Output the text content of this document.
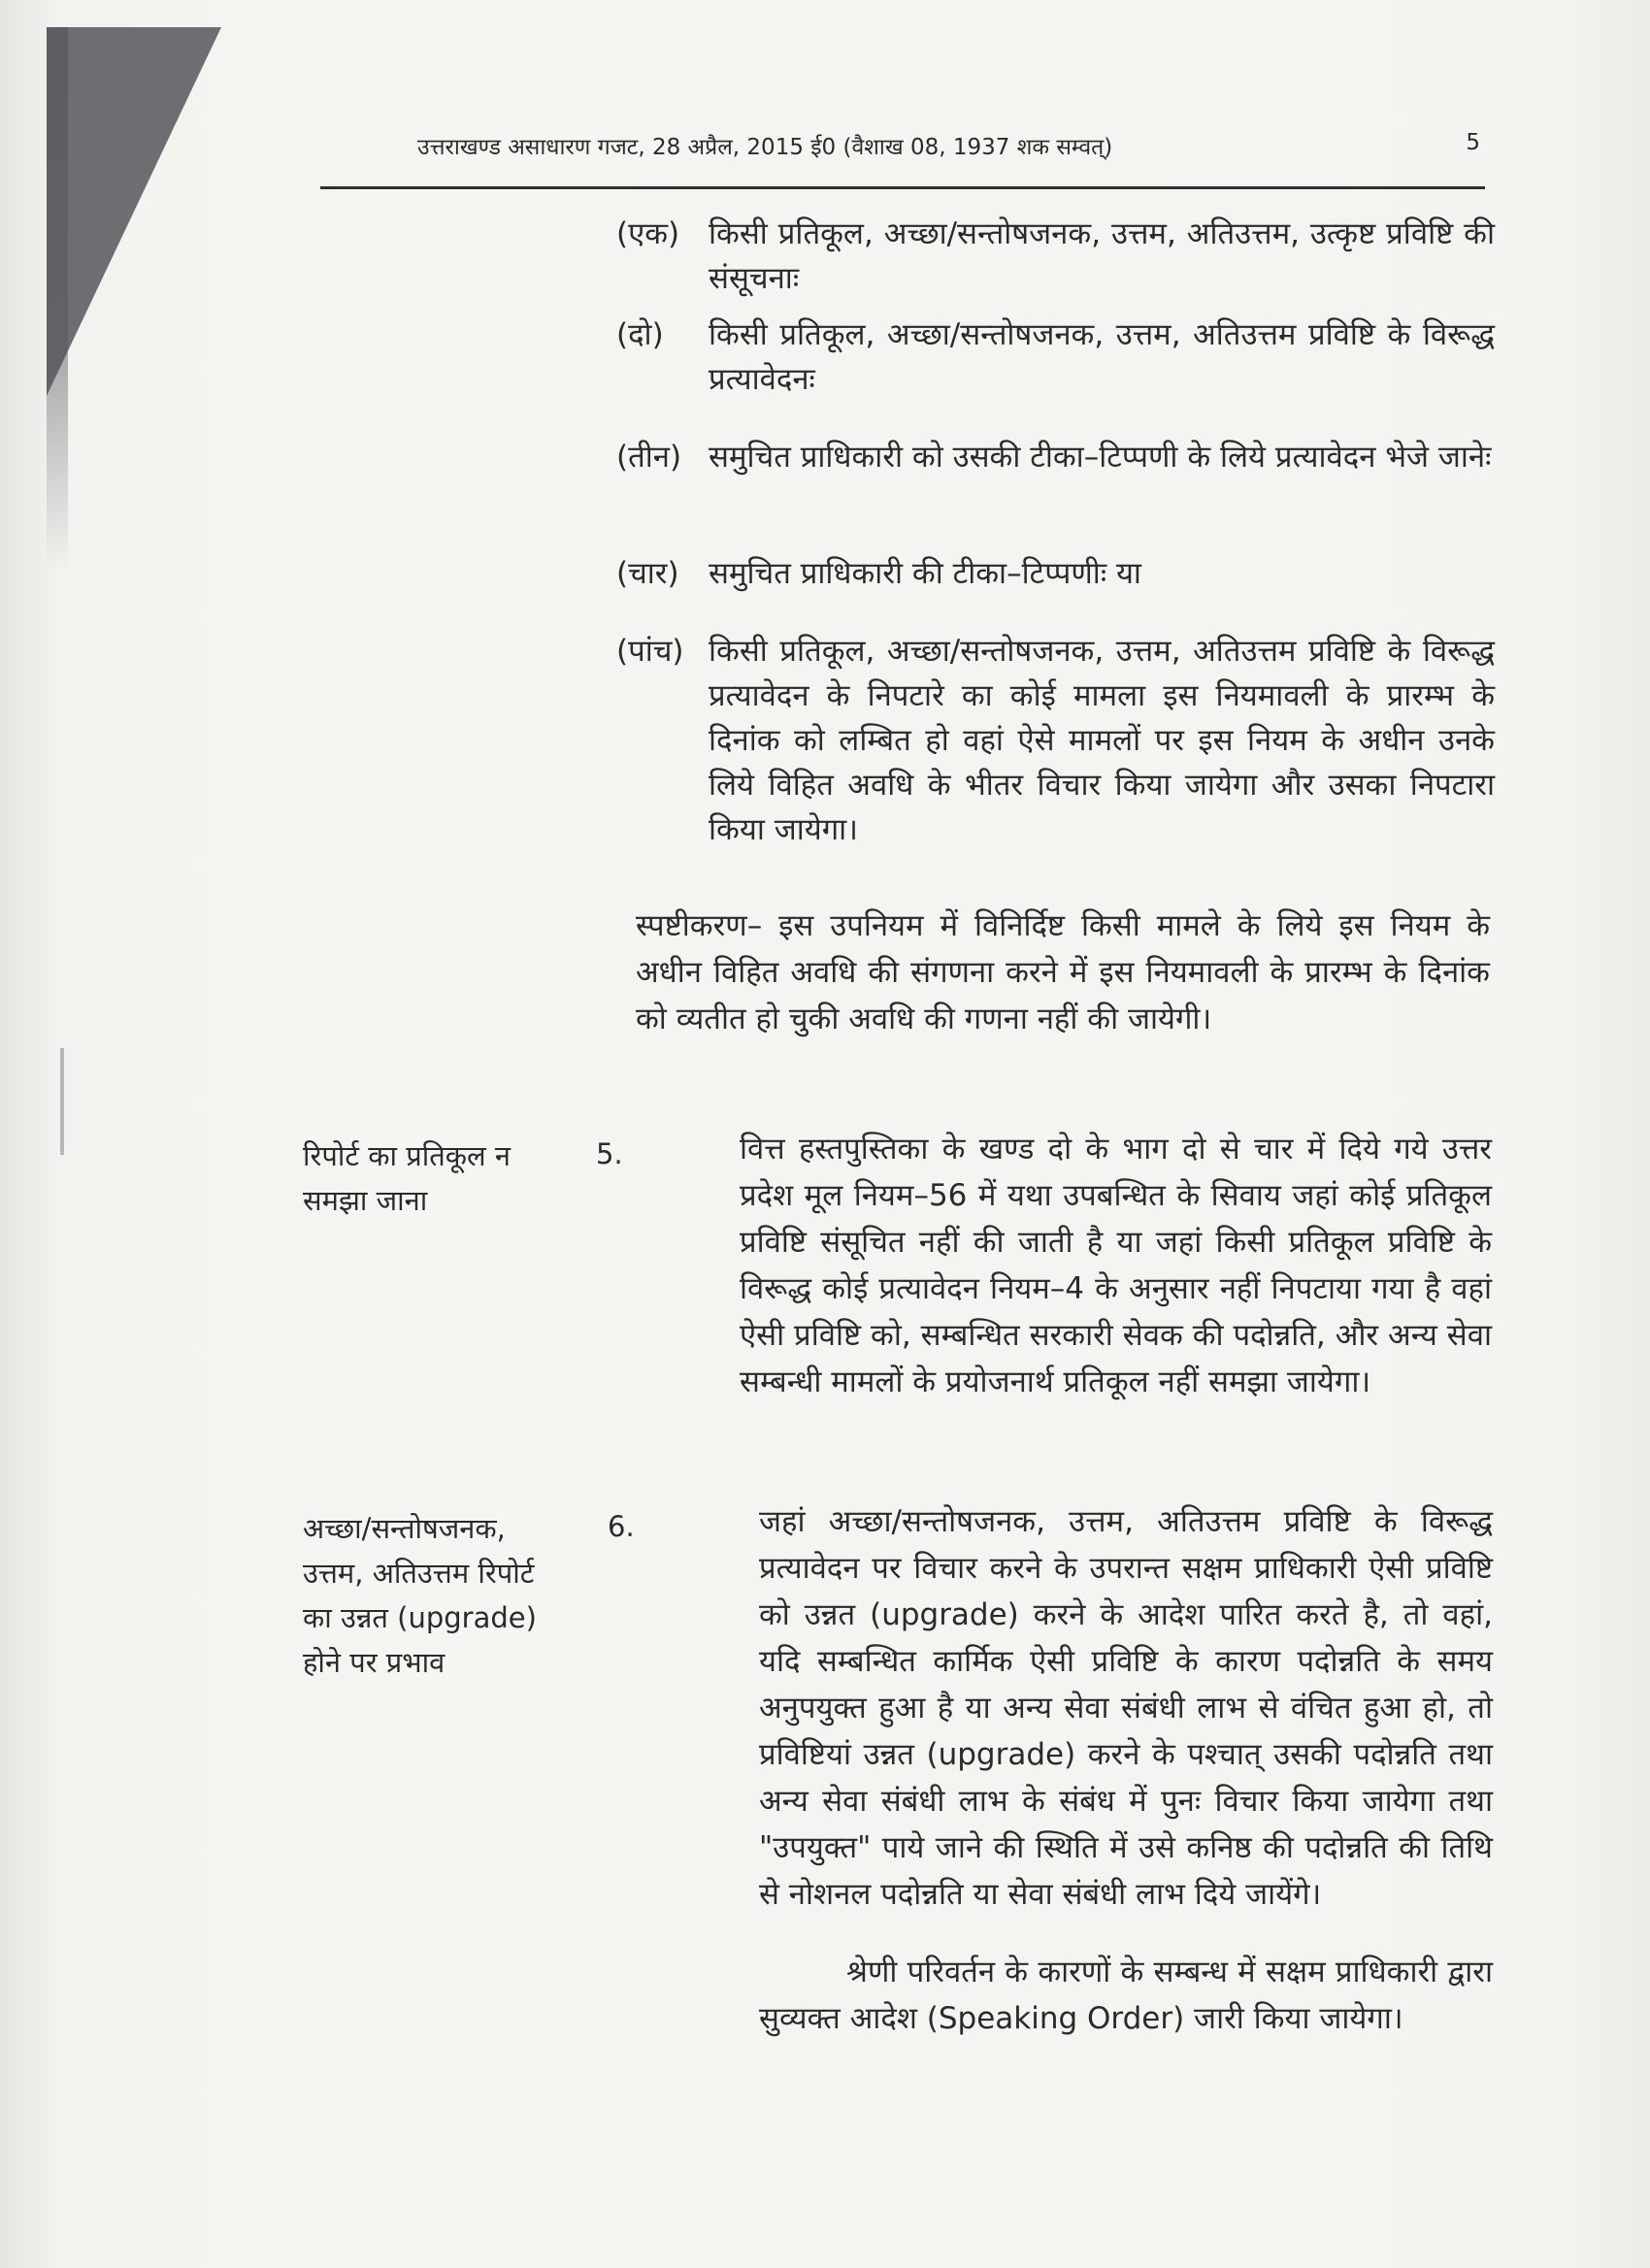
उत्तराखण्ड असाधारण गजट, 28 अप्रैल, 2015 ई0 (वैशाख 08, 1937 शक सम्वत्)	5
(एक) किसी प्रतिकूल, अच्छा/सन्तोषजनक, उत्तम, अतिउत्तम, उत्कृष्ट प्रविष्टि की संसूचनाः
(दो) किसी प्रतिकूल, अच्छा/सन्तोषजनक, उत्तम, अतिउत्तम प्रविष्टि के विरूद्ध प्रत्यावेदनः
(तीन) समुचित प्राधिकारी को उसकी टीका–टिप्पणी के लिये प्रत्यावेदन भेजे जानेः
(चार) समुचित प्राधिकारी की टीका–टिप्पणीः या
(पांच) किसी प्रतिकूल, अच्छा/सन्तोषजनक, उत्तम, अतिउत्तम प्रविष्टि के विरूद्ध प्रत्यावेदन के निपटारे का कोई मामला इस नियमावली के प्रारम्भ के दिनांक को लम्बित हो वहां ऐसे मामलों पर इस नियम के अधीन उनके लिये विहित अवधि के भीतर विचार किया जायेगा और उसका निपटारा किया जायेगा।
स्पष्टीकरण– इस उपनियम में विनिर्दिष्ट किसी मामले के लिये इस नियम के अधीन विहित अवधि की संगणना करने में इस नियमावली के प्रारम्भ के दिनांक को व्यतीत हो चुकी अवधि की गणना नहीं की जायेगी।
रिपोर्ट का प्रतिकूल न समझा जाना
5.	वित्त हस्तपुस्तिका के खण्ड दो के भाग दो से चार में दिये गये उत्तर प्रदेश मूल नियम–56 में यथा उपबन्धित के सिवाय जहां कोई प्रतिकूल प्रविष्टि संसूचित नहीं की जाती है या जहां किसी प्रतिकूल प्रविष्टि के विरूद्ध कोई प्रत्यावेदन नियम–4 के अनुसार नहीं निपटाया गया है वहां ऐसी प्रविष्टि को, सम्बन्धित सरकारी सेवक की पदोन्नति, और अन्य सेवा सम्बन्धी मामलों के प्रयोजनार्थ प्रतिकूल नहीं समझा जायेगा।
अच्छा/सन्तोषजनक, उत्तम, अतिउत्तम रिपोर्ट का उन्नत (upgrade) होने पर प्रभाव
6.	जहां अच्छा/सन्तोषजनक, उत्तम, अतिउत्तम प्रविष्टि के विरूद्ध प्रत्यावेदन पर विचार करने के उपरान्त सक्षम प्राधिकारी ऐसी प्रविष्टि को उन्नत (upgrade) करने के आदेश पारित करते है, तो वहां, यदि सम्बन्धित कार्मिक ऐसी प्रविष्टि के कारण पदोन्नति के समय अनुपयुक्त हुआ है या अन्य सेवा संबंधी लाभ से वंचित हुआ हो, तो प्रविष्टियां उन्नत (upgrade) करने के पश्चात् उसकी पदोन्नति तथा अन्य सेवा संबंधी लाभ के संबंध में पुनः विचार किया जायेगा तथा "उपयुक्त" पाये जाने की स्थिति में उसे कनिष्ठ की पदोन्नति की तिथि से नोशनल पदोन्नति या सेवा संबंधी लाभ दिये जायेंगे।
श्रेणी परिवर्तन के कारणों के सम्बन्ध में सक्षम प्राधिकारी द्वारा सुव्यक्त आदेश (Speaking Order) जारी किया जायेगा।
